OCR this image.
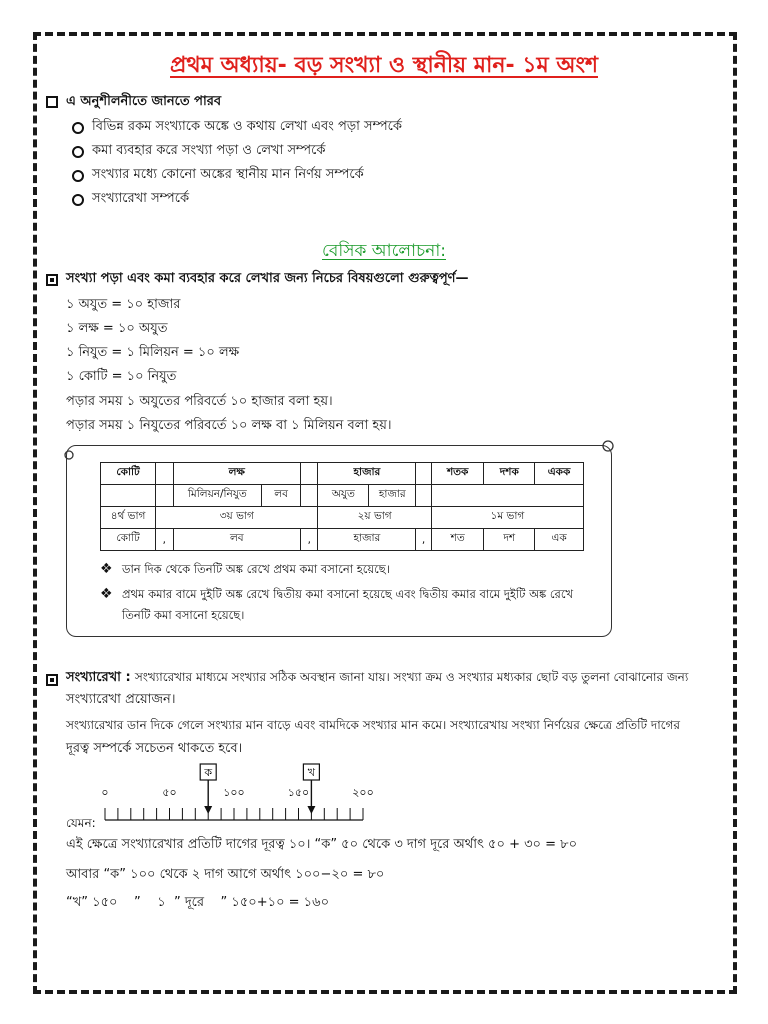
প্রথম অধ্যায়- বড় সংখ্যা ও স্থানীয় মান- ১ম অংশ
এ অনুশীলনীতে জানতে পারব
বিভিন্ন রকম সংখ্যাকে অঙ্কে ও কথায় লেখা এবং পড়া সম্পর্কে
কমা ব্যবহার করে সংখ্যা পড়া ও লেখা সম্পর্কে
সংখ্যার মধ্যে কোনো অঙ্কের স্থানীয় মান নির্ণয় সম্পর্কে
সংখ্যারেখা সম্পর্কে
বেসিক আলোচনা:
সংখ্যা পড়া এবং কমা ব্যবহার করে লেখার জন্য নিচের বিষয়গুলো গুরুত্বপূর্ণ—
১ অযুত = ১০ হাজার
১ লক্ষ = ১০ অযুত
১ নিযুত = ১ মিলিয়ন = ১০ লক্ষ
১ কোটি = ১০ নিযুত
পড়ার সময় ১ অযুতের পরিবর্তে ১০ হাজার বলা হয়।
পড়ার সময় ১ নিযুতের পরিবর্তে ১০ লক্ষ বা ১ মিলিয়ন বলা হয়।
কোটি		লক্ষ			হাজার			শতক	দশক	একক
		মিলিয়ন/নিযুত	লব		অযুত	হাজার				
৪র্থ ভাগ	৩য় ভাগ				২য় ভাগ			১ম ভাগ		
কোটি	,	লব		,	হাজার		,	শত	দশ	এক
❖ ডান দিক থেকে তিনটি অঙ্ক রেখে প্রথম কমা বসানো হয়েছে।
❖ প্রথম কমার বামে দুইটি অঙ্ক রেখে দ্বিতীয় কমা বসানো হয়েছে এবং দ্বিতীয় কমার বামে দুইটি অঙ্ক রেখে
তিনটি কমা বসানো হয়েছে।
সংখ্যারেখা : সংখ্যারেখার মাধ্যমে সংখ্যার সঠিক অবস্থান জানা যায়। সংখ্যা ক্রম ও সংখ্যার মধ্যকার ছোট বড় তুলনা বোঝানোর জন্য
সংখ্যারেখা প্রয়োজন।
সংখ্যারেখার ডান দিকে গেলে সংখ্যার মান বাড়ে এবং বামদিকে সংখ্যার মান কমে। সংখ্যারেখায় সংখ্যা নির্ণয়ের ক্ষেত্রে প্রতিটি দাগের
দূরত্ব সম্পর্কে সচেতন থাকতে হবে।
যেমন:
০	৫০	১০০	১৫০	২০০
ক	খ
এই ক্ষেত্রে সংখ্যারেখার প্রতিটি দাগের দূরত্ব ১০। “ক” ৫০ থেকে ৩ দাগ দূরে অর্থাৎ ৫০ + ৩০ = ৮০
আবার “ক” ১০০ থেকে ২ দাগ আগে অর্থাৎ ১০০−২০ = ৮০
“খ” ১৫০    ”    ১  ” দূরে    ” ১৫০+১০ = ১৬০
